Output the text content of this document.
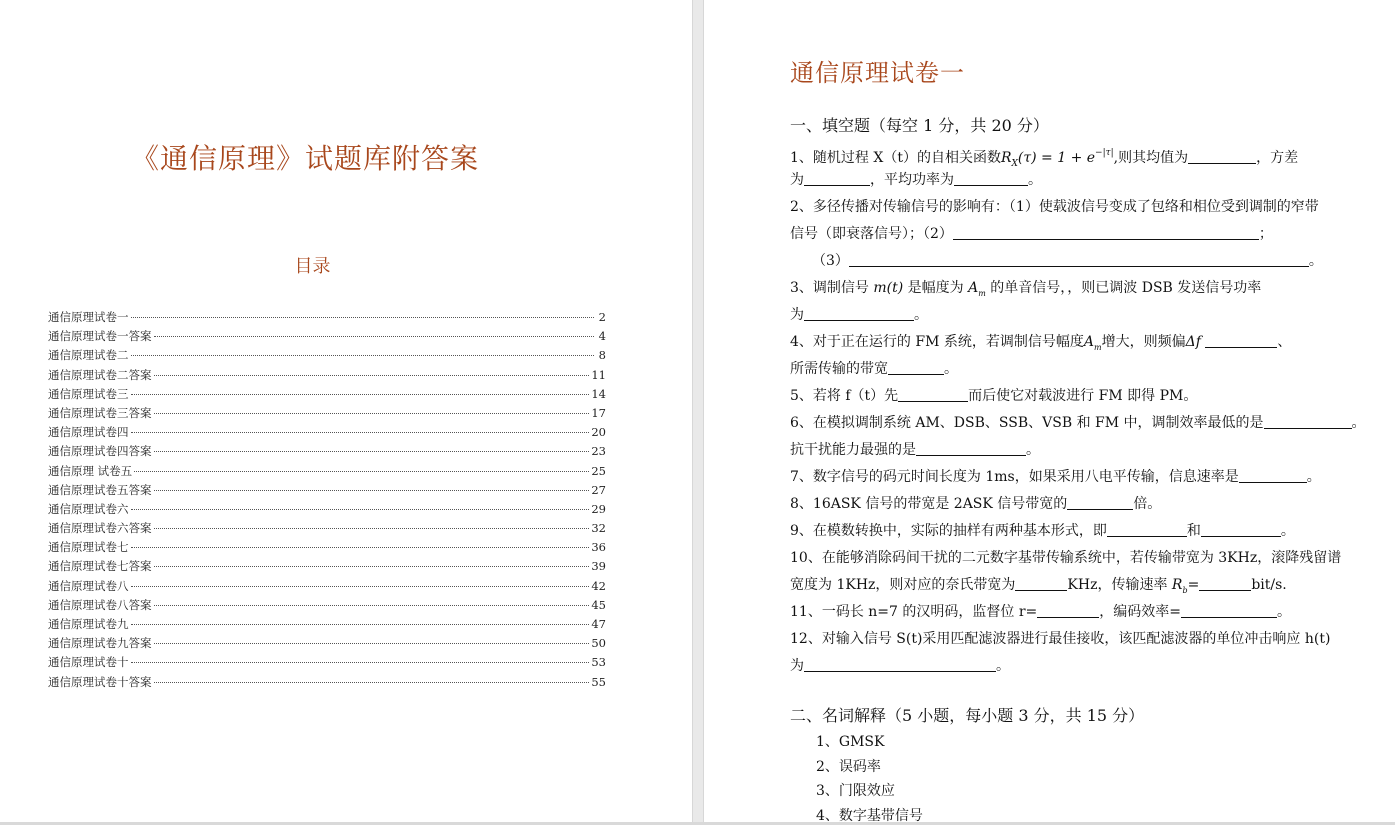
《通信原理》试题库附答案
目录
通信原理试卷一	2
通信原理试卷一答案	4
通信原理试卷二	8
通信原理试卷二答案	11
通信原理试卷三	14
通信原理试卷三答案	17
通信原理试卷四	20
通信原理试卷四答案	23
通信原理 试卷五	25
通信原理试卷五答案	27
通信原理试卷六	29
通信原理试卷六答案	32
通信原理试卷七	36
通信原理试卷七答案	39
通信原理试卷八	42
通信原理试卷八答案	45
通信原理试卷九	47
通信原理试卷九答案	50
通信原理试卷十	53
通信原理试卷十答案	55
通信原理试卷一
一、填空题（每空 1 分，共 20 分）
1、随机过程 X（t）的自相关函数$R_X(\tau) = 1 + e^{-|\tau|}$,则其均值为	，方差
为	，平均功率为	。
2、多径传播对传输信号的影响有：（1）使载波信号变成了包络和相位受到调制的窄带
信号（即衰落信号）；（2）	；
（3）	。
3、调制信号 m(t) 是幅度为 $A_m$ 的单音信号，，则已调波 DSB 发送信号功率
为	。
4、对于正在运行的 FM 系统，若调制信号幅度$A_m$增大，则频偏Δf	、
所需传输的带宽	。
5、若将 f（t）先	而后使它对载波进行 FM 即得 PM。
6、在模拟调制系统 AM、DSB、SSB、VSB 和 FM 中，调制效率最低的是	。
抗干扰能力最强的是	。
7、数字信号的码元时间长度为 1ms，如果采用八电平传输，信息速率是	。
8、16ASK 信号的带宽是 2ASK 信号带宽的	倍。
9、在模数转换中，实际的抽样有两种基本形式，即	和	。
10、在能够消除码间干扰的二元数字基带传输系统中，若传输带宽为 3KHz，滚降残留谱
宽度为 1KHz，则对应的奈氏带宽为	KHz，传输速率 $R_b=$	bit/s.
11、一码长 n=7 的汉明码，监督位 r=	，编码效率=	。
12、对输入信号 S(t)采用匹配滤波器进行最佳接收，该匹配滤波器的单位冲击响应 h(t)
为	。
二、名词解释（5 小题，每小题 3 分，共 15 分）
1、GMSK
2、误码率
3、门限效应
4、数字基带信号
